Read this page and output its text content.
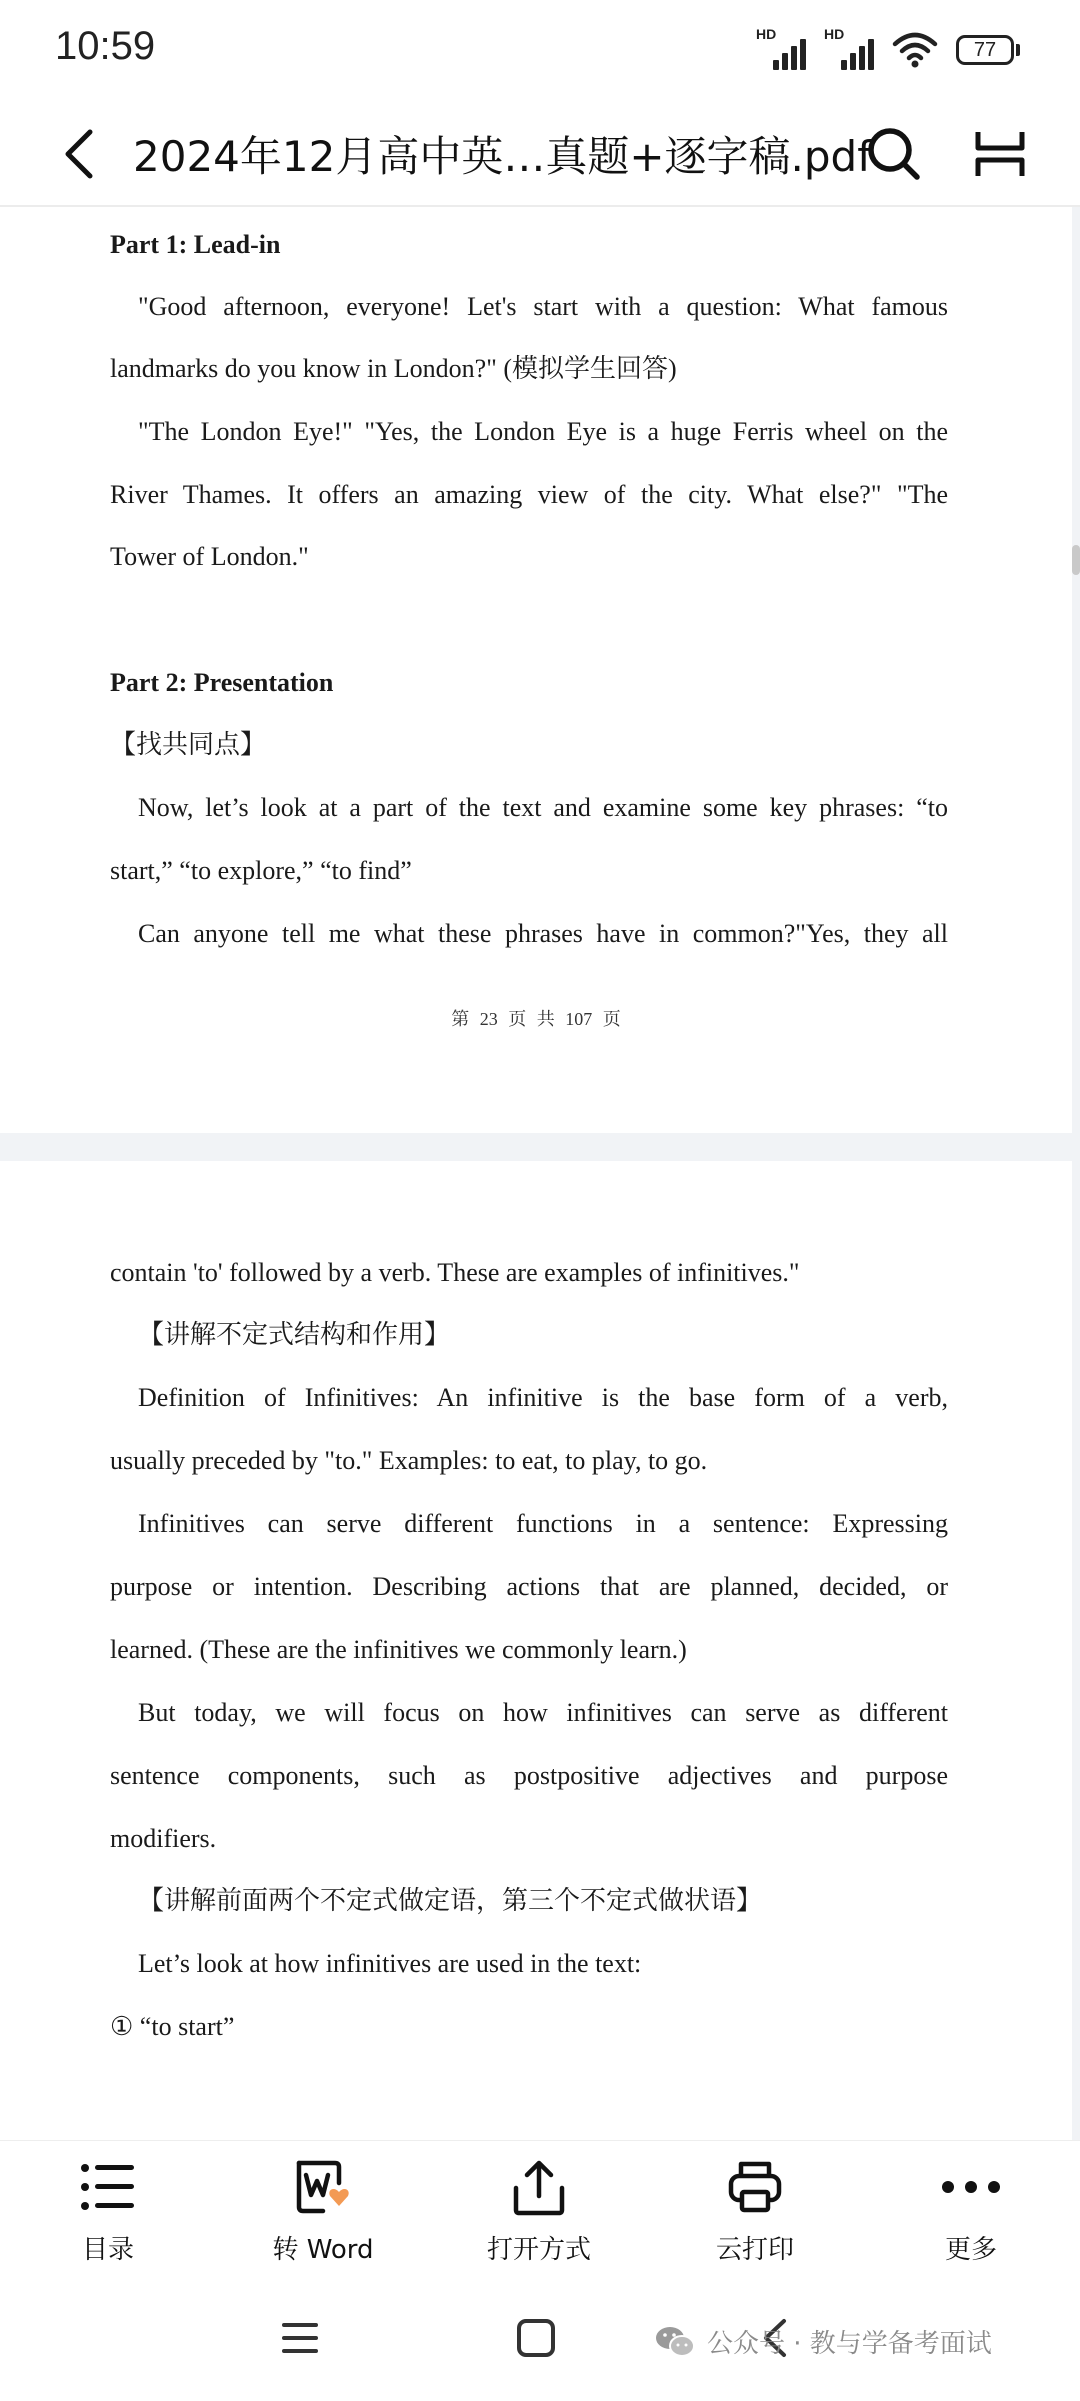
10:59	HD	HD
77
2024年12月高中英…真题+逐字稿.pdf
Part 1: Lead-in
"Good afternoon, everyone! Let's start with a question: What famous
landmarks do you know in London?" (模拟学生回答)
"The London Eye!" "Yes, the London Eye is a huge Ferris wheel on the
River Thames. It offers an amazing view of the city. What else?" "The
Tower of London."
Part 2: Presentation
【找共同点】
Now, let’s look at a part of the text and examine some key phrases: “to
start,” “to explore,” “to find”
Can anyone tell me what these phrases have in common?"Yes, they all
第 23 页 共 107 页
contain 'to' followed by a verb. These are examples of infinitives."
【讲解不定式结构和作用】
Definition of Infinitives: An infinitive is the base form of a verb,
usually preceded by "to." Examples: to eat, to play, to go.
Infinitives can serve different functions in a sentence: Expressing
purpose or intention. Describing actions that are planned, decided, or
learned. (These are the infinitives we commonly learn.)
But today, we will focus on how infinitives can serve as different
sentence components, such as postpositive adjectives and purpose
modifiers.
【讲解前面两个不定式做定语，第三个不定式做状语】
Let’s look at how infinitives are used in the text:
① “to start”
目录	转 Word	打开方式	云打印	更多
公众号 · 教与学备考面试
